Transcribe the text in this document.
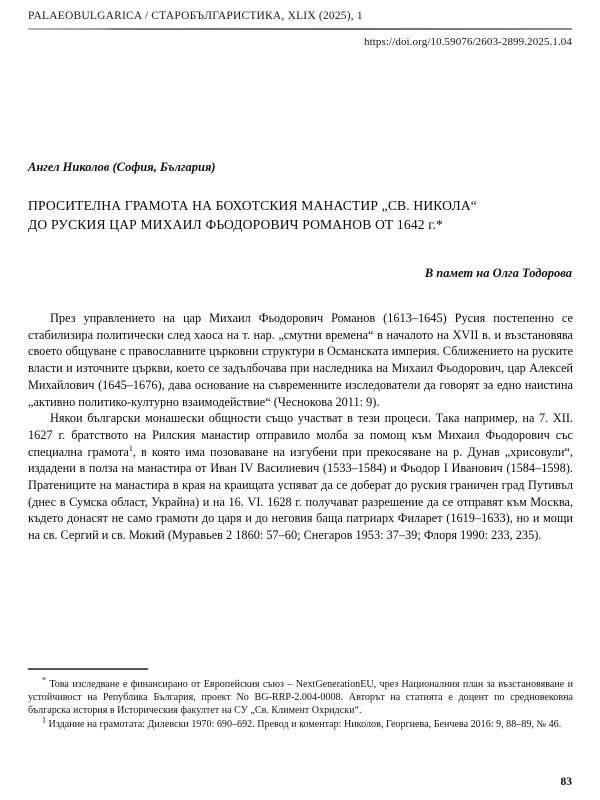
PALAEOBULGARICA / СТАРОБЪЛГАРИСТИКА, XLIX (2025), 1
https://doi.org/10.59076/2603-2899.2025.1.04
Ангел Николов (София, България)
ПРОСИТЕЛНА ГРАМОТА НА БОХОТСКИЯ МАНАСТИР „СВ. НИКОЛА“
ДО РУСКИЯ ЦАР МИХАИЛ ФЬОДОРОВИЧ РОМАНОВ ОТ 1642 г.*
В памет на Олга Тодорова

През управлението на цар Михаил Фьодорович Романов (1613–1645) Русия постепенно се стабилизира политически след хаоса на т. нар. „смутни времена“ в началото на XVII в. и възстановява своето общуване с православните църковни структури в Османската империя. Сближението на руските власти и източните църкви, което се задълбочава при наследника на Михаил Фьодорович, цар Алексей Михайлович (1645–1676), дава основание на съвременните изследователи да говорят за едно наистина „активно политико-културно взаимодействие“ (Чеснокова 2011: 9).

Някои български монашески общности също участват в тези процеси. Така например, на 7. XII. 1627 г. братството на Рилския манастир отправило молба за помощ към Михаил Фьодорович със специална грамота$^1$, в която има позоваване на изгубени при прекосяване на р. Дунав „хрисовули“, издадени в полза на манастира от Иван IV Василиевич (1533–1584) и Фьодор I Иванович (1584–1598). Пратениците на манастира в края на краищата успяват да се доберат до руския граничен град Путивъл (днес в Сумска област, Украйна) и на 16. VI. 1628 г. получават разрешение да се отправят към Москва, където донасят не само грамоти до царя и до неговия баща патриарх Филарет (1619–1633), но и мощи на св. Сергий и св. Мокий (Муравьев 2 1860: 57–60; Снегаров 1953: 37–39; Флоря 1990: 233, 235).

* Това изследване е финансирано от Европейския съюз – NextGenerationEU, чрез Националния план за възстановяване и устойчивост на Република България, проект No BG-RRP-2.004-0008. Авторът на статията е доцент по средновековна българска история в Историческия факултет на СУ „Св. Климент Охридски“.

$^1$ Издание на грамотата: Дилевски 1970: 690–692. Превод и коментар: Николов, Георгиева, Бенчева 2016: 9, 88–89, № 46.

83
